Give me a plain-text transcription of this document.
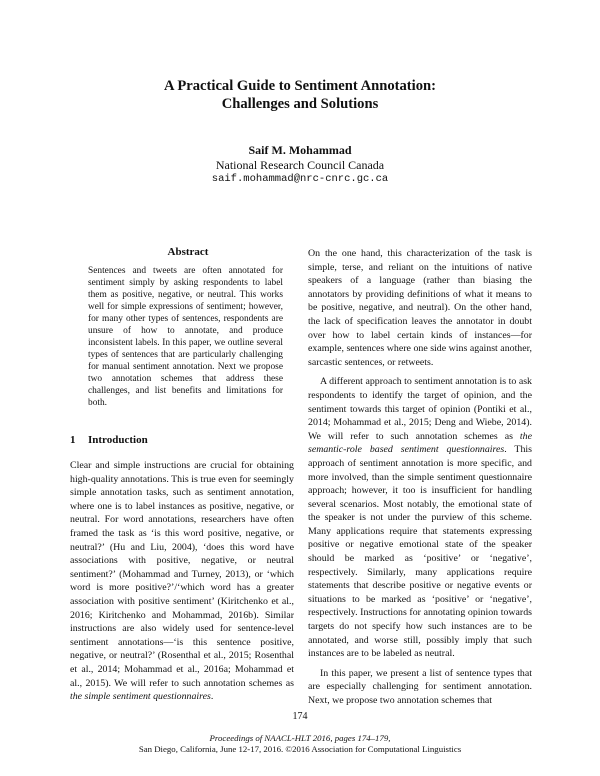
A Practical Guide to Sentiment Annotation:
Challenges and Solutions
Saif M. Mohammad
National Research Council Canada
saif.mohammad@nrc-cnrc.gc.ca
Abstract
Sentences and tweets are often annotated for sentiment simply by asking respondents to label them as positive, negative, or neutral. This works well for simple expressions of sentiment; however, for many other types of sentences, respondents are unsure of how to annotate, and produce inconsistent labels. In this paper, we outline several types of sentences that are particularly challenging for manual sentiment annotation. Next we propose two annotation schemes that address these challenges, and list benefits and limitations for both.
1 Introduction

Clear and simple instructions are crucial for obtaining high-quality annotations. This is true even for seemingly simple annotation tasks, such as sentiment annotation, where one is to label instances as positive, negative, or neutral. For word annotations, researchers have often framed the task as ‘is this word positive, negative, or neutral?’ (Hu and Liu, 2004), ‘does this word have associations with positive, negative, or neutral sentiment?’ (Mohammad and Turney, 2013), or ‘which word is more positive?’/‘which word has a greater association with positive sentiment’ (Kiritchenko et al., 2016; Kiritchenko and Mohammad, 2016b). Similar instructions are also widely used for sentence-level sentiment annotations—‘is this sentence positive, negative, or neutral?’ (Rosenthal et al., 2015; Rosenthal et al., 2014; Mohammad et al., 2016a; Mohammad et al., 2015). We will refer to such annotation schemes as the simple sentiment questionnaires.

On the one hand, this characterization of the task is simple, terse, and reliant on the intuitions of native speakers of a language (rather than biasing the annotators by providing definitions of what it means to be positive, negative, and neutral). On the other hand, the lack of specification leaves the annotator in doubt over how to label certain kinds of instances—for example, sentences where one side wins against another, sarcastic sentences, or retweets.

A different approach to sentiment annotation is to ask respondents to identify the target of opinion, and the sentiment towards this target of opinion (Pontiki et al., 2014; Mohammad et al., 2015; Deng and Wiebe, 2014). We will refer to such annotation schemes as the semantic-role based sentiment questionnaires. This approach of sentiment annotation is more specific, and more involved, than the simple sentiment questionnaire approach; however, it too is insufficient for handling several scenarios. Most notably, the emotional state of the speaker is not under the purview of this scheme. Many applications require that statements expressing positive or negative emotional state of the speaker should be marked as ‘positive’ or ‘negative’, respectively. Similarly, many applications require statements that describe positive or negative events or situations to be marked as ‘positive’ or ‘negative’, respectively. Instructions for annotating opinion towards targets do not specify how such instances are to be annotated, and worse still, possibly imply that such instances are to be labeled as neutral.

In this paper, we present a list of sentence types that are especially challenging for sentiment annotation. Next, we propose two annotation schemes that

174
Proceedings of NAACL-HLT 2016, pages 174–179,
San Diego, California, June 12-17, 2016. ©2016 Association for Computational Linguistics
